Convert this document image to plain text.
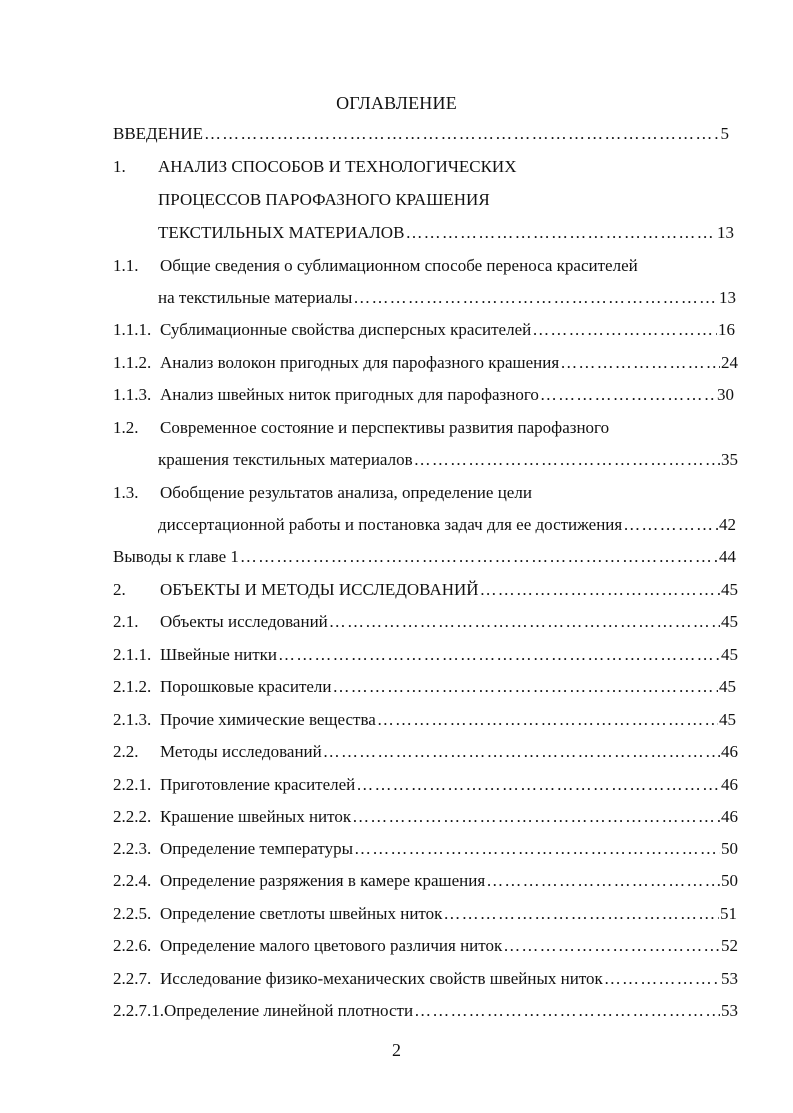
ОГЛАВЛЕНИЕ
ВВЕДЕНИЕ …………………………………………………………………………………………………………………………………………………………………………………………………………	5
1.	АНАЛИЗ СПОСОБОВ И ТЕХНОЛОГИЧЕСКИХ
ПРОЦЕССОВ ПАРОФАЗНОГО КРАШЕНИЯ
ТЕКСТИЛЬНЫХ МАТЕРИАЛОВ …………………………………………………………………………………………………………………………………………………………………………………………………………	13
1.1.	Общие сведения о сублимационном способе переноса красителей
на текстильные материалы …………………………………………………………………………………………………………………………………………………………………………………………………………	13
1.1.1. Сублимационные свойства дисперсных красителей …………………………………………………………………………………………………………………………………………………………………………………………………………	16
1.1.2. Анализ волокон пригодных для парофазного крашения …………………………………………………………………………………………………………………………………………………………………………………………………………	24
1.1.3. Анализ швейных ниток пригодных для парофазного …………………………………………………………………………………………………………………………………………………………………………………………………………	30
1.2.	Современное состояние и перспективы развития парофазного
крашения текстильных материалов …………………………………………………………………………………………………………………………………………………………………………………………………………	35
1.3.	Обобщение результатов анализа, определение цели
диссертационной работы и постановка задач для ее достижения …………………………………………………………………………………………………………………………………………………………………………………………………………	42
Выводы к главе 1 …………………………………………………………………………………………………………………………………………………………………………………………………………	44
2.	ОБЪЕКТЫ И МЕТОДЫ ИССЛЕДОВАНИЙ …………………………………………………………………………………………………………………………………………………………………………………………………………	45
2.1.	Объекты исследований …………………………………………………………………………………………………………………………………………………………………………………………………………	45
2.1.1. Швейные нитки …………………………………………………………………………………………………………………………………………………………………………………………………………	45
2.1.2. Порошковые красители …………………………………………………………………………………………………………………………………………………………………………………………………………	45
2.1.3. Прочие химические вещества …………………………………………………………………………………………………………………………………………………………………………………………………………	45
2.2.	Методы исследований …………………………………………………………………………………………………………………………………………………………………………………………………………	46
2.2.1. Приготовление красителей …………………………………………………………………………………………………………………………………………………………………………………………………………	46
2.2.2. Крашение швейных ниток …………………………………………………………………………………………………………………………………………………………………………………………………………	46
2.2.3. Определение температуры …………………………………………………………………………………………………………………………………………………………………………………………………………	50
2.2.4. Определение разряжения в камере крашения …………………………………………………………………………………………………………………………………………………………………………………………………………	50
2.2.5. Определение светлоты швейных ниток …………………………………………………………………………………………………………………………………………………………………………………………………………	51
2.2.6. Определение малого цветового различия ниток …………………………………………………………………………………………………………………………………………………………………………………………………………	52
2.2.7. Исследование физико-механических свойств швейных ниток …………………………………………………………………………………………………………………………………………………………………………………………………………	53
2.2.7.1. Определение линейной плотности …………………………………………………………………………………………………………………………………………………………………………………………………………	53
2
